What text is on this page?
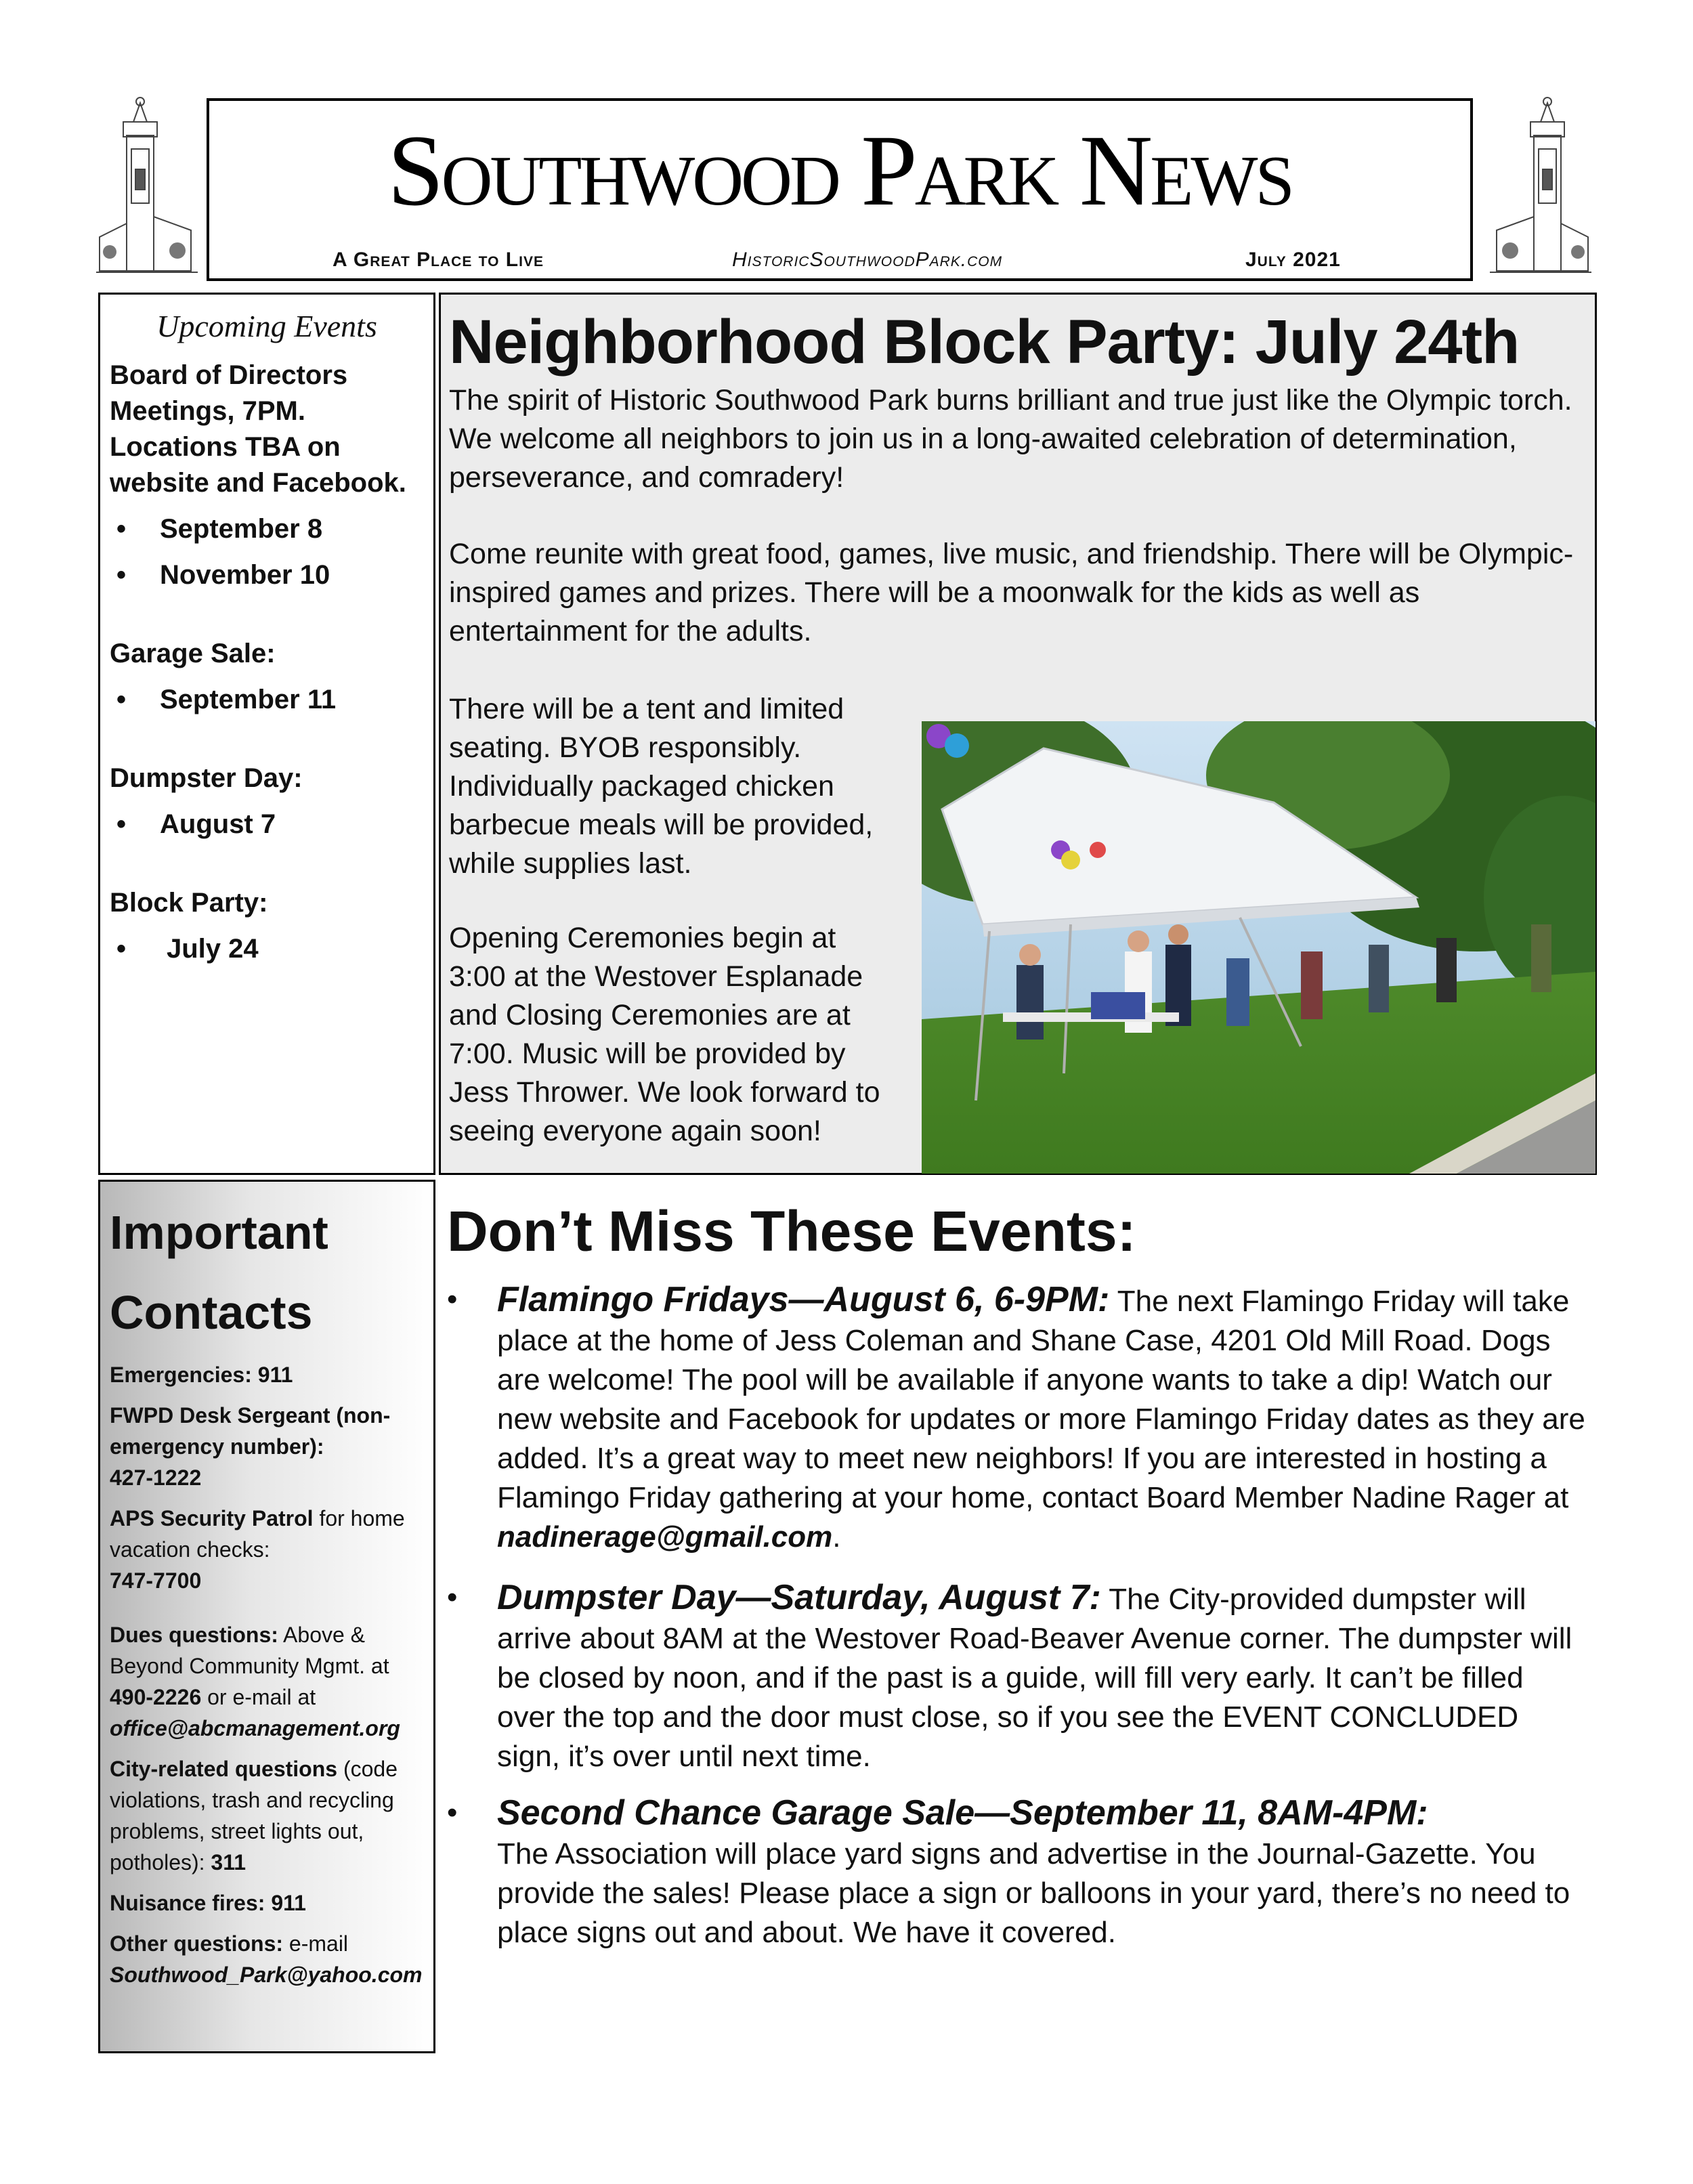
Southwood Park News
A Great Place to Live	HistoricSouthwoodPark.com	July 2021
Upcoming Events

Board of Directors Meetings, 7PM. Locations TBA on website and Facebook.

• September 8
• November 10
Garage Sale:
• September 11
Dumpster Day:
• August 7
Block Party:
• July 24
Important
Contacts

Emergencies: 911

FWPD Desk Sergeant (non-emergency number):
427-1222

APS Security Patrol for home vacation checks:
747-7700

Dues questions: Above & Beyond Community Mgmt. at 490-2226 or e-mail at
office@abcmanagement.org

City-related questions (code violations, trash and recycling problems, street lights out, potholes): 311

Nuisance fires: 911

Other questions: e-mail
Southwood_Park@yahoo.com

Neighborhood Block Party: July 24th

The spirit of Historic Southwood Park burns brilliant and true just like the Olympic torch. We welcome all neighbors to join us in a long-awaited celebration of determination, perseverance, and comradery!

Come reunite with great food, games, live music, and friendship. There will be Olympic-inspired games and prizes. There will be a moonwalk for the kids as well as entertainment for the adults.

There will be a tent and limited seating. BYOB responsibly. Individually packaged chicken barbecue meals will be provided, while supplies last.

Opening Ceremonies begin at 3:00 at the Westover Esplanade and Closing Ceremonies are at 7:00. Music will be provided by Jess Thrower. We look forward to seeing everyone again soon!

Don’t Miss These Events:
• Flamingo Fridays—August 6, 6-9PM: The next Flamingo Friday will take place at the home of Jess Coleman and Shane Case, 4201 Old Mill Road. Dogs are welcome! The pool will be available if anyone wants to take a dip! Watch our new website and Facebook for updates or more Flamingo Friday dates as they are added. It’s a great way to meet new neighbors! If you are interested in hosting a Flamingo Friday gathering at your home, contact Board Member Nadine Rager at nadinerage@gmail.com.
• Dumpster Day—Saturday, August 7: The City-provided dumpster will arrive about 8AM at the Westover Road-Beaver Avenue corner. The dumpster will be closed by noon, and if the past is a guide, will fill very early. It can’t be filled over the top and the door must close, so if you see the EVENT CONCLUDED sign, it’s over until next time.
• Second Chance Garage Sale—September 11, 8AM-4PM:
The Association will place yard signs and advertise in the Journal-Gazette. You provide the sales! Please place a sign or balloons in your yard, there’s no need to place signs out and about. We have it covered.
